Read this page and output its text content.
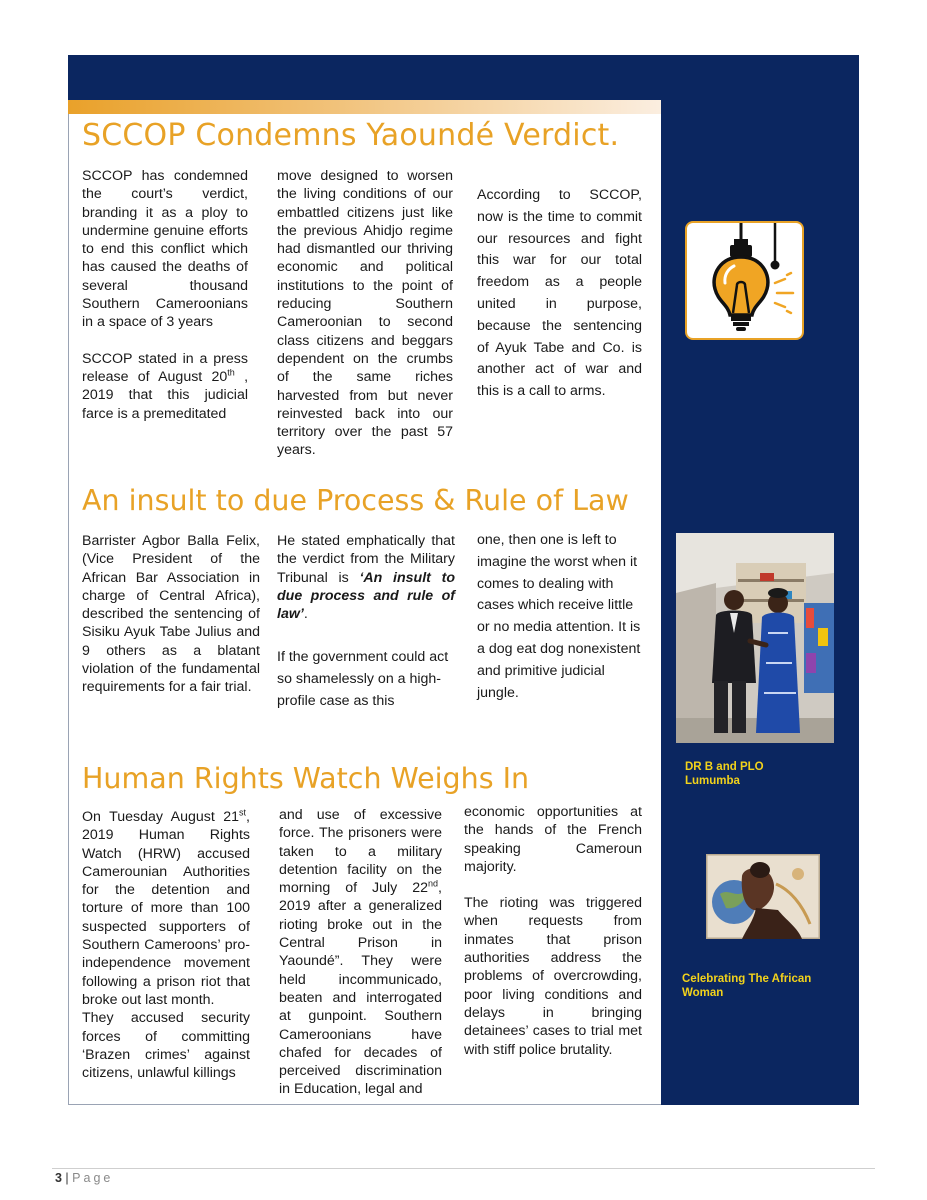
SCCOP Condemns Yaoundé Verdict.

SCCOP has condemned the court’s verdict, branding it as a ploy to undermine genuine efforts to end this conflict which has caused the deaths of several thousand Southern Cameroonians in a space of 3 years

SCCOP stated in a press release of August 20th , 2019 that this judicial farce is a premeditated

move designed to worsen the living conditions of our embattled citizens just like the previous Ahidjo regime had dismantled our thriving economic and political institutions to the point of reducing Southern Cameroonian to second class citizens and beggars dependent on the crumbs of the same riches harvested from but never reinvested back into our territory over the past 57 years.

According to SCCOP, now is the time to commit our resources and fight this war for our total freedom as a people united in purpose, because the sentencing of Ayuk Tabe and Co. is another act of war and this is a call to arms.

An insult to due Process & Rule of Law

Barrister Agbor Balla Felix, (Vice President of the African Bar Association in charge of Central Africa), described the sentencing of Sisiku Ayuk Tabe Julius and 9 others as a blatant violation of the fundamental requirements for a fair trial.

He stated emphatically that the verdict from the Military Tribunal is ‘An insult to due process and rule of law’.

If the government could act so shamelessly on a high-profile case as this

one, then one is left to imagine the worst when it comes to dealing with cases which receive little or no media attention. It is a dog eat dog nonexistent and primitive judicial jungle.

DR B and PLO Lumumba

Human Rights Watch Weighs In

On Tuesday August 21st, 2019 Human Rights Watch (HRW) accused Camerounian Authorities for the detention and torture of more than 100 suspected supporters of Southern Cameroons’ pro-independence movement following a prison riot that broke out last month.

They accused security forces of committing ‘Brazen crimes’ against citizens, unlawful killings

and use of excessive force. The prisoners were taken to a military detention facility on the morning of July 22nd, 2019 after a generalized rioting broke out in the Central Prison in Yaoundé”. They were held incommunicado, beaten and interrogated at gunpoint. Southern Cameroonians have chafed for decades of perceived discrimination in Education, legal and

economic opportunities at the hands of the French speaking Cameroun majority.

The rioting was triggered when requests from inmates that prison authorities address the problems of overcrowding, poor living conditions and delays in bringing detainees’ cases to trial met with stiff police brutality.

Celebrating The African Woman

3 | Page
